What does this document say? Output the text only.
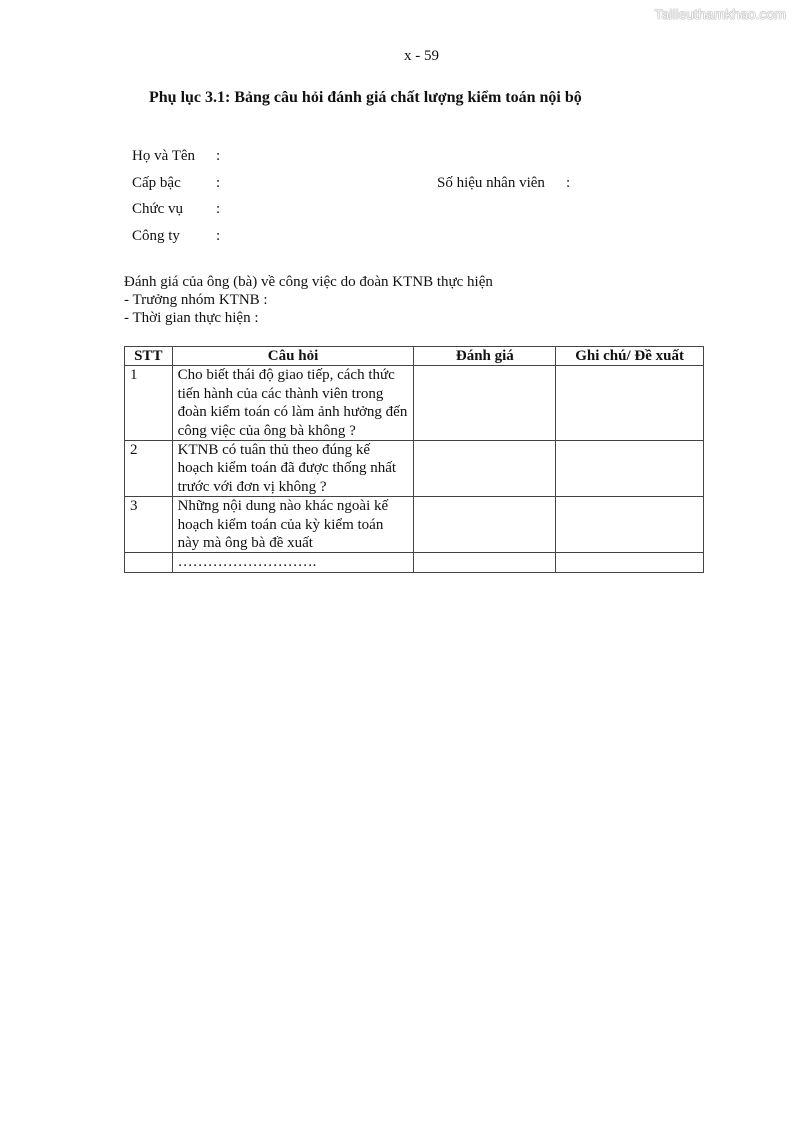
Tailieuthamkhao.com
x - 59
Phụ lục 3.1: Bảng câu hỏi đánh giá chất lượng kiểm toán nội bộ
Họ và Tên :
Cấp bậc :	Số hiệu nhân viên :
Chức vụ :
Công ty :
Đánh giá của ông (bà) về công việc do đoàn KTNB thực hiện
- Trưởng nhóm KTNB :
- Thời gian thực hiện :
STT	Câu hỏi	Đánh giá	Ghi chú/ Đề xuất
1	Cho biết thái độ giao tiếp, cách thức tiến hành của các thành viên trong đoàn kiểm toán có làm ảnh hưởng đến công việc của ông bà không ?		
2	KTNB có tuân thủ theo đúng kế hoạch kiểm toán đã được thống nhất trước với đơn vị không ?		
3	Những nội dung nào khác ngoài kế hoạch kiểm toán của kỳ kiểm toán này mà ông bà đề xuất		
	……………………….		
